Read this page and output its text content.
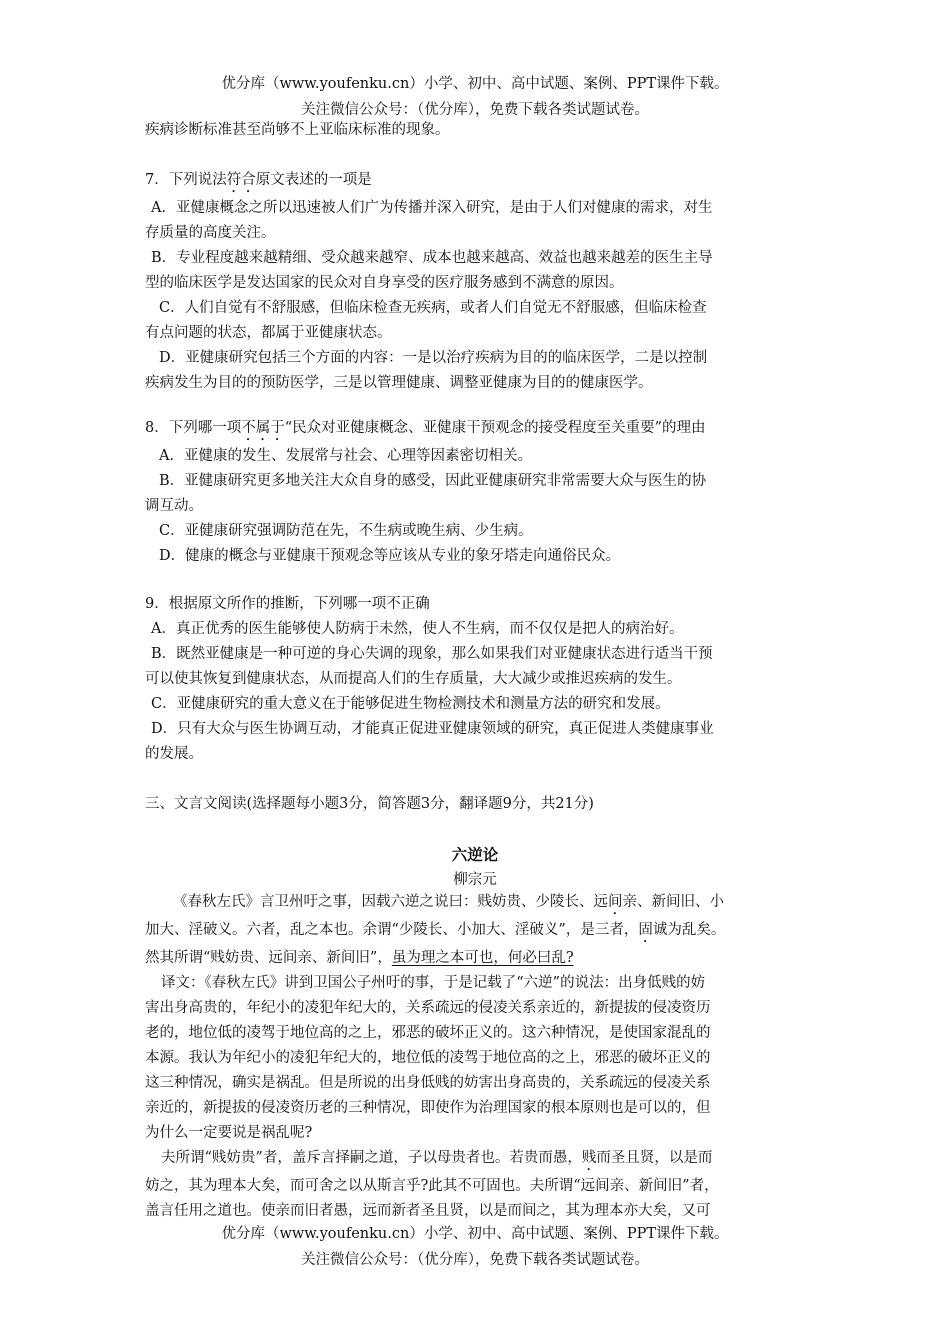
优分库（www.youfenku.cn）小学、初中、高中试题、案例、PPT课件下载。
关注微信公众号：（优分库），免费下载各类试题试卷。
疾病诊断标准甚至尚够不上亚临床标准的现象。
7．下列说法符合原文表述的一项是
A．亚健康概念之所以迅速被人们广为传播并深入研究，是由于人们对健康的需求，对生
存质量的高度关注。
B．专业程度越来越精细、受众越来越窄、成本也越来越高、效益也越来越差的医生主导
型的临床医学是发达国家的民众对自身享受的医疗服务感到不满意的原因。
C．人们自觉有不舒服感，但临床检查无疾病，或者人们自觉无不舒服感，但临床检查
有点问题的状态，都属于亚健康状态。
D．亚健康研究包括三个方面的内容：一是以治疗疾病为目的的临床医学，二是以控制
疾病发生为目的的预防医学，三是以管理健康、调整亚健康为目的的健康医学。
8．下列哪一项不属于“民众对亚健康概念、亚健康干预观念的接受程度至关重要”的理由
A．亚健康的发生、发展常与社会、心理等因素密切相关。
B．亚健康研究更多地关注大众自身的感受，因此亚健康研究非常需要大众与医生的协
调互动。
C．亚健康研究强调防范在先，不生病或晚生病、少生病。
D．健康的概念与亚健康干预观念等应该从专业的象牙塔走向通俗民众。
9．根据原文所作的推断，下列哪一项不正确
A．真正优秀的医生能够使人防病于未然，使人不生病，而不仅仅是把人的病治好。
B．既然亚健康是一种可逆的身心失调的现象，那么如果我们对亚健康状态进行适当干预
可以使其恢复到健康状态，从而提高人们的生存质量，大大减少或推迟疾病的发生。
C．亚健康研究的重大意义在于能够促进生物检测技术和测量方法的研究和发展。
D．只有大众与医生协调互动，才能真正促进亚健康领域的研究，真正促进人类健康事业
的发展。
三、文言文阅读(选择题每小题3分，简答题3分，翻译题9分，共21分)
六逆论
柳宗元
《春秋左氏》言卫州吁之事，因载六逆之说曰：贱妨贵、少陵长、远间亲、新间旧、小
加大、淫破义。六者，乱之本也。余谓“少陵长、小加大、淫破义”，是三者，固诚为乱矣。
然其所谓“贱妨贵、远间亲、新间旧”，虽为理之本可也，何必曰乱?
译文：《春秋左氏》讲到卫国公子州吁的事，于是记载了“六逆”的说法：出身低贱的妨
害出身高贵的，年纪小的凌犯年纪大的，关系疏远的侵凌关系亲近的，新提拔的侵凌资历
老的，地位低的凌驾于地位高的之上，邪恶的破坏正义的。这六种情况，是使国家混乱的
本源。我认为年纪小的凌犯年纪大的，地位低的凌驾于地位高的之上，邪恶的破坏正义的
这三种情况，确实是祸乱。但是所说的出身低贱的妨害出身高贵的，关系疏远的侵凌关系
亲近的，新提拔的侵凌资历老的三种情况，即使作为治理国家的根本原则也是可以的，但
为什么一定要说是祸乱呢?
夫所谓“贱妨贵”者，盖斥言择嗣之道，子以母贵者也。若贵而愚，贱而圣且贤，以是而
妨之，其为理本大矣，而可舍之以从斯言乎?此其不可固也。夫所谓“远间亲、新间旧”者，
盖言任用之道也。使亲而旧者愚，远而新者圣且贤，以是而间之，其为理本亦大矣，又可
优分库（www.youfenku.cn）小学、初中、高中试题、案例、PPT课件下载。
关注微信公众号：（优分库），免费下载各类试题试卷。
